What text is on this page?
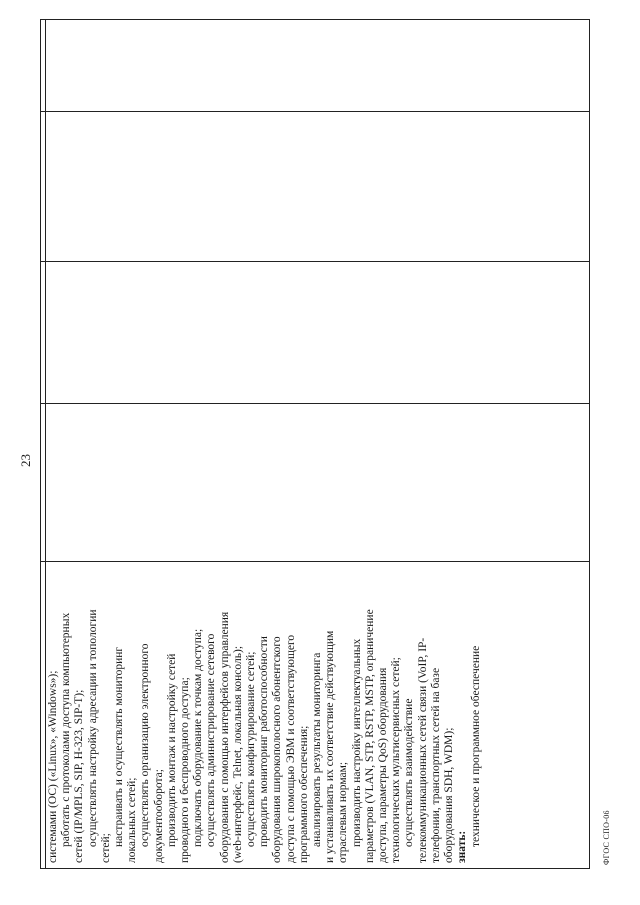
23
системами (ОС) («Linux», «Windows»); работать с протоколами доступа компьютерных сетей (IP/MPLS, SIP, H-323, SIP-T); осуществлять настройку адресации и топологии
сетей;
настраивать и осуществлять мониторинг локальных сетей; осуществлять организацию электронного документооборота; производить монтаж и настройку сетей проводного и беспроводного доступа; подключать оборудование к точкам доступа; осуществлять администрирование сетевого оборудования с помощью интерфейсов управления (web-интерфейс, Telnet, локальная консоль); осуществлять конфигурирование сетей; проводить мониторинг работоспособности оборудования широкополосного абонентского доступа с помощью ЭВМ и соответствующего программного обеспечения; анализировать результаты мониторинга и устанавливать их соответствие действующим отраслевым нормам; производить настройку интеллектуальных параметров (VLAN, STP, RSTP, MSTP, ограничение доступа, параметры QoS) оборудования технологических мультисервисных сетей; осуществлять взаимодействие телекоммуникационных сетей связи (VoIP, IP- телефонии, транспортных сетей на базе оборудования SDH, WDM); знать: техническое и программное обеспечение	ФГОС СПО-06
